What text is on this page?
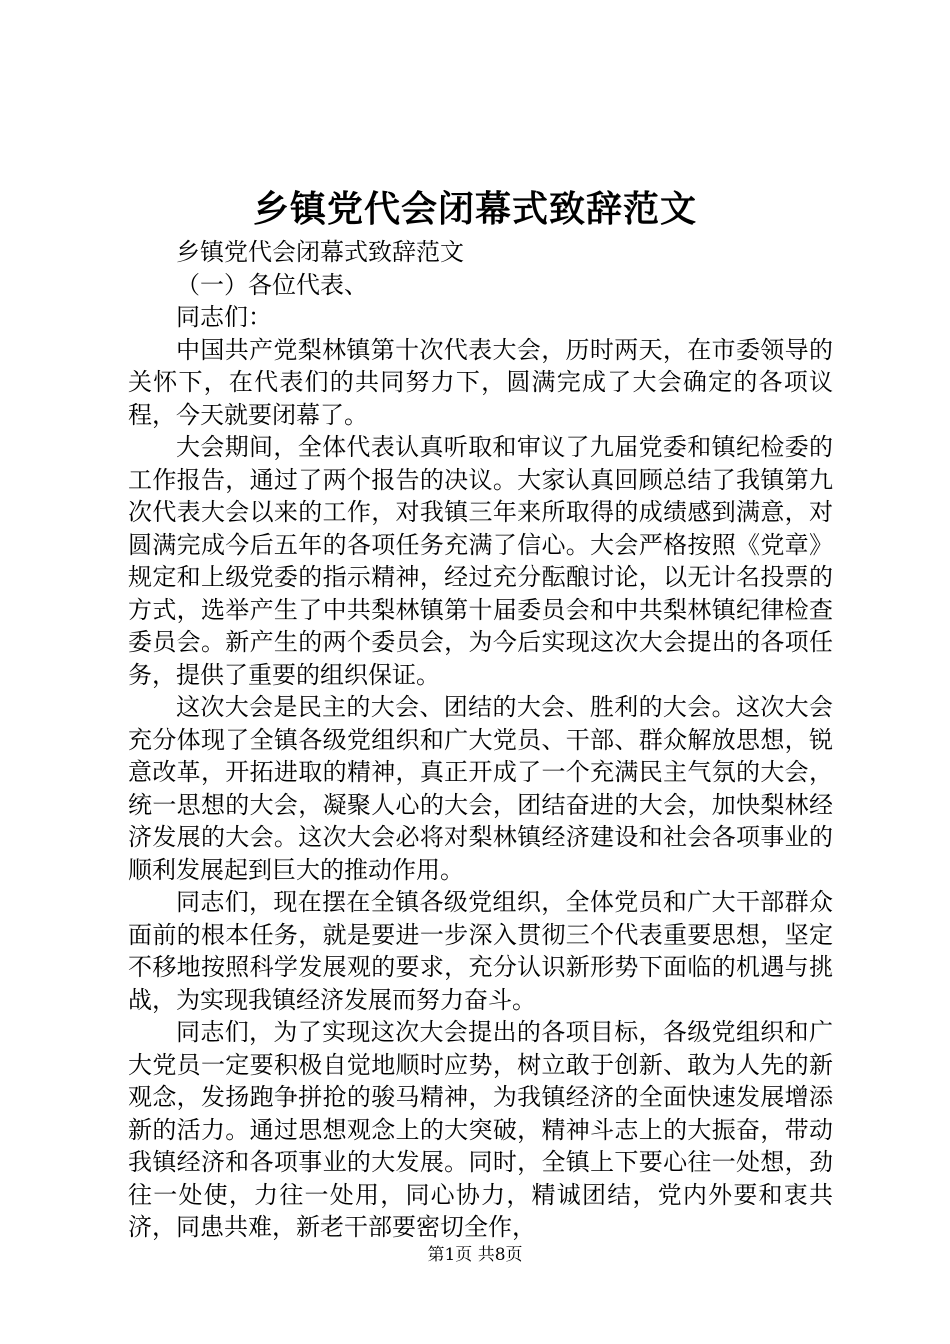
乡镇党代会闭幕式致辞范文

乡镇党代会闭幕式致辞范文

（一）各位代表、

同志们：

中国共产党梨林镇第十次代表大会，历时两天，在市委领导的关怀下，在代表们的共同努力下，圆满完成了大会确定的各项议程，今天就要闭幕了。

大会期间，全体代表认真听取和审议了九届党委和镇纪检委的工作报告，通过了两个报告的决议。大家认真回顾总结了我镇第九次代表大会以来的工作，对我镇三年来所取得的成绩感到满意，对圆满完成今后五年的各项任务充满了信心。大会严格按照《党章》规定和上级党委的指示精神，经过充分酝酿讨论，以无计名投票的方式，选举产生了中共梨林镇第十届委员会和中共梨林镇纪律检查委员会。新产生的两个委员会，为今后实现这次大会提出的各项任务，提供了重要的组织保证。

这次大会是民主的大会、团结的大会、胜利的大会。这次大会充分体现了全镇各级党组织和广大党员、干部、群众解放思想，锐意改革，开拓进取的精神，真正开成了一个充满民主气氛的大会，统一思想的大会，凝聚人心的大会，团结奋进的大会，加快梨林经济发展的大会。这次大会必将对梨林镇经济建设和社会各项事业的顺利发展起到巨大的推动作用。

同志们，现在摆在全镇各级党组织，全体党员和广大干部群众面前的根本任务，就是要进一步深入贯彻三个代表重要思想，坚定不移地按照科学发展观的要求，充分认识新形势下面临的机遇与挑战，为实现我镇经济发展而努力奋斗。

同志们，为了实现这次大会提出的各项目标，各级党组织和广大党员一定要积极自觉地顺时应势，树立敢于创新、敢为人先的新观念，发扬跑争拼抢的骏马精神，为我镇经济的全面快速发展增添新的活力。通过思想观念上的大突破，精神斗志上的大振奋，带动我镇经济和各项事业的大发展。同时，全镇上下要心往一处想，劲往一处使，力往一处用，同心协力，精诚团结，党内外要和衷共济，同患共难，新老干部要密切全作，

第1页 共8页
